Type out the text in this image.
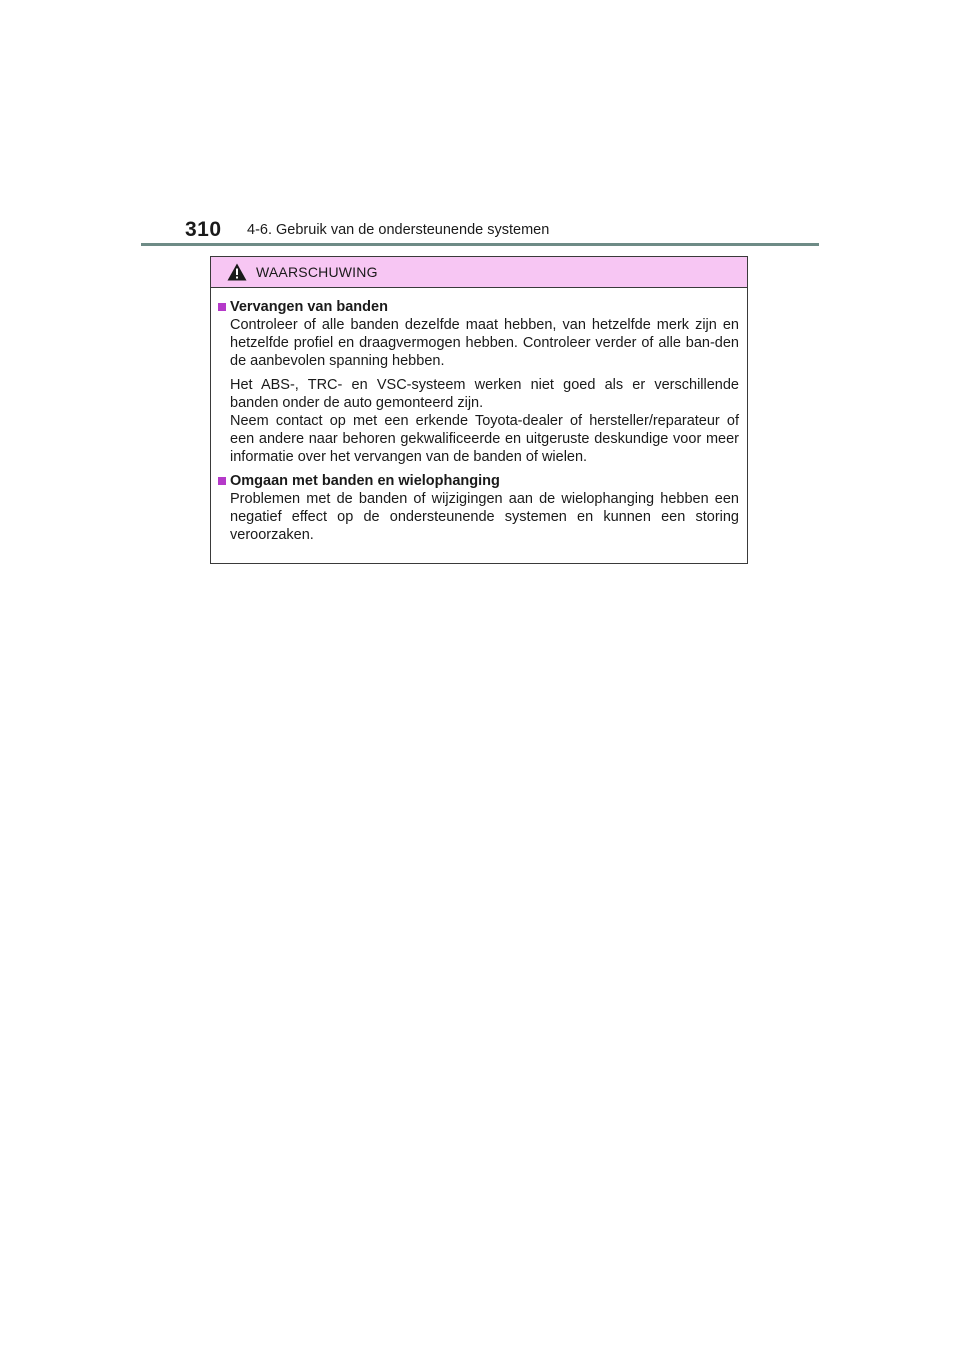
310 4-6. Gebruik van de ondersteunende systemen
WAARSCHUWING
Vervangen van banden
Controleer of alle banden dezelfde maat hebben, van hetzelfde merk zijn en hetzelfde profiel en draagvermogen hebben. Controleer verder of alle ban-den de aanbevolen spanning hebben.
Het ABS-, TRC- en VSC-systeem werken niet goed als er verschillende banden onder de auto gemonteerd zijn.
Neem contact op met een erkende Toyota-dealer of hersteller/reparateur of een andere naar behoren gekwalificeerde en uitgeruste deskundige voor meer informatie over het vervangen van de banden of wielen.
Omgaan met banden en wielophanging
Problemen met de banden of wijzigingen aan de wielophanging hebben een negatief effect op de ondersteunende systemen en kunnen een storing veroorzaken.
